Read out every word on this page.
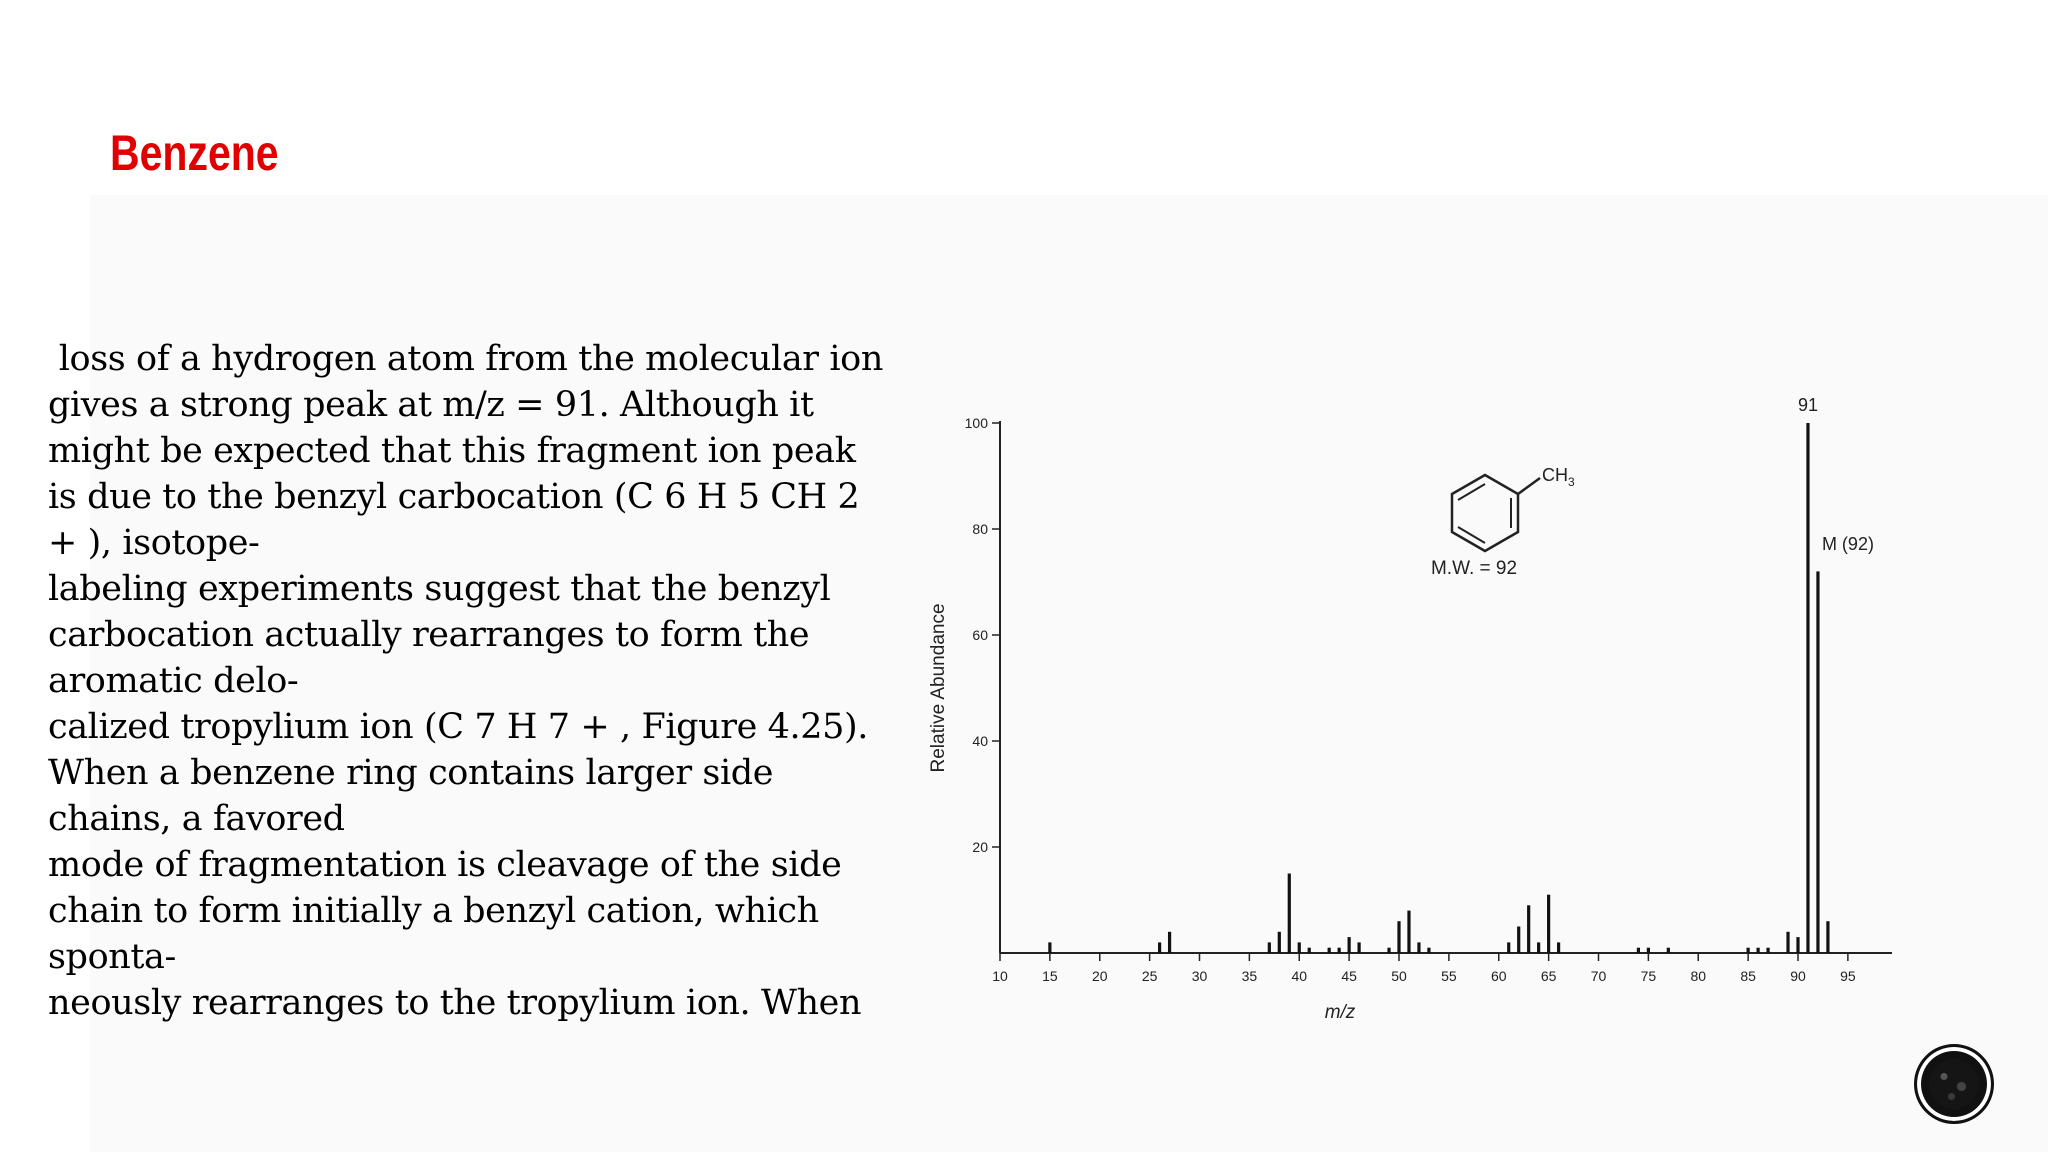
Benzene
loss of a hydrogen atom from the molecular ion
gives a strong peak at m/z = 91. Although it
might be expected that this fragment ion peak
is due to the benzyl carbocation (C 6 H 5 CH 2
+ ), isotope-
labeling experiments suggest that the benzyl
carbocation actually rearranges to form the
aromatic delo-
calized tropylium ion (C 7 H 7 + , Figure 4.25).
When a benzene ring contains larger side
chains, a favored
mode of fragmentation is cleavage of the side
chain to form initially a benzyl cation, which
sponta-
neously rearranges to the tropylium ion. When
10 15 20 25 30 35 40 45 50 55 60 65 70 75 80 85 90 95
20
40
60
80
100
m/z
Relative Abundance
91
M (92)
$CH_3$
M.W. = 92
